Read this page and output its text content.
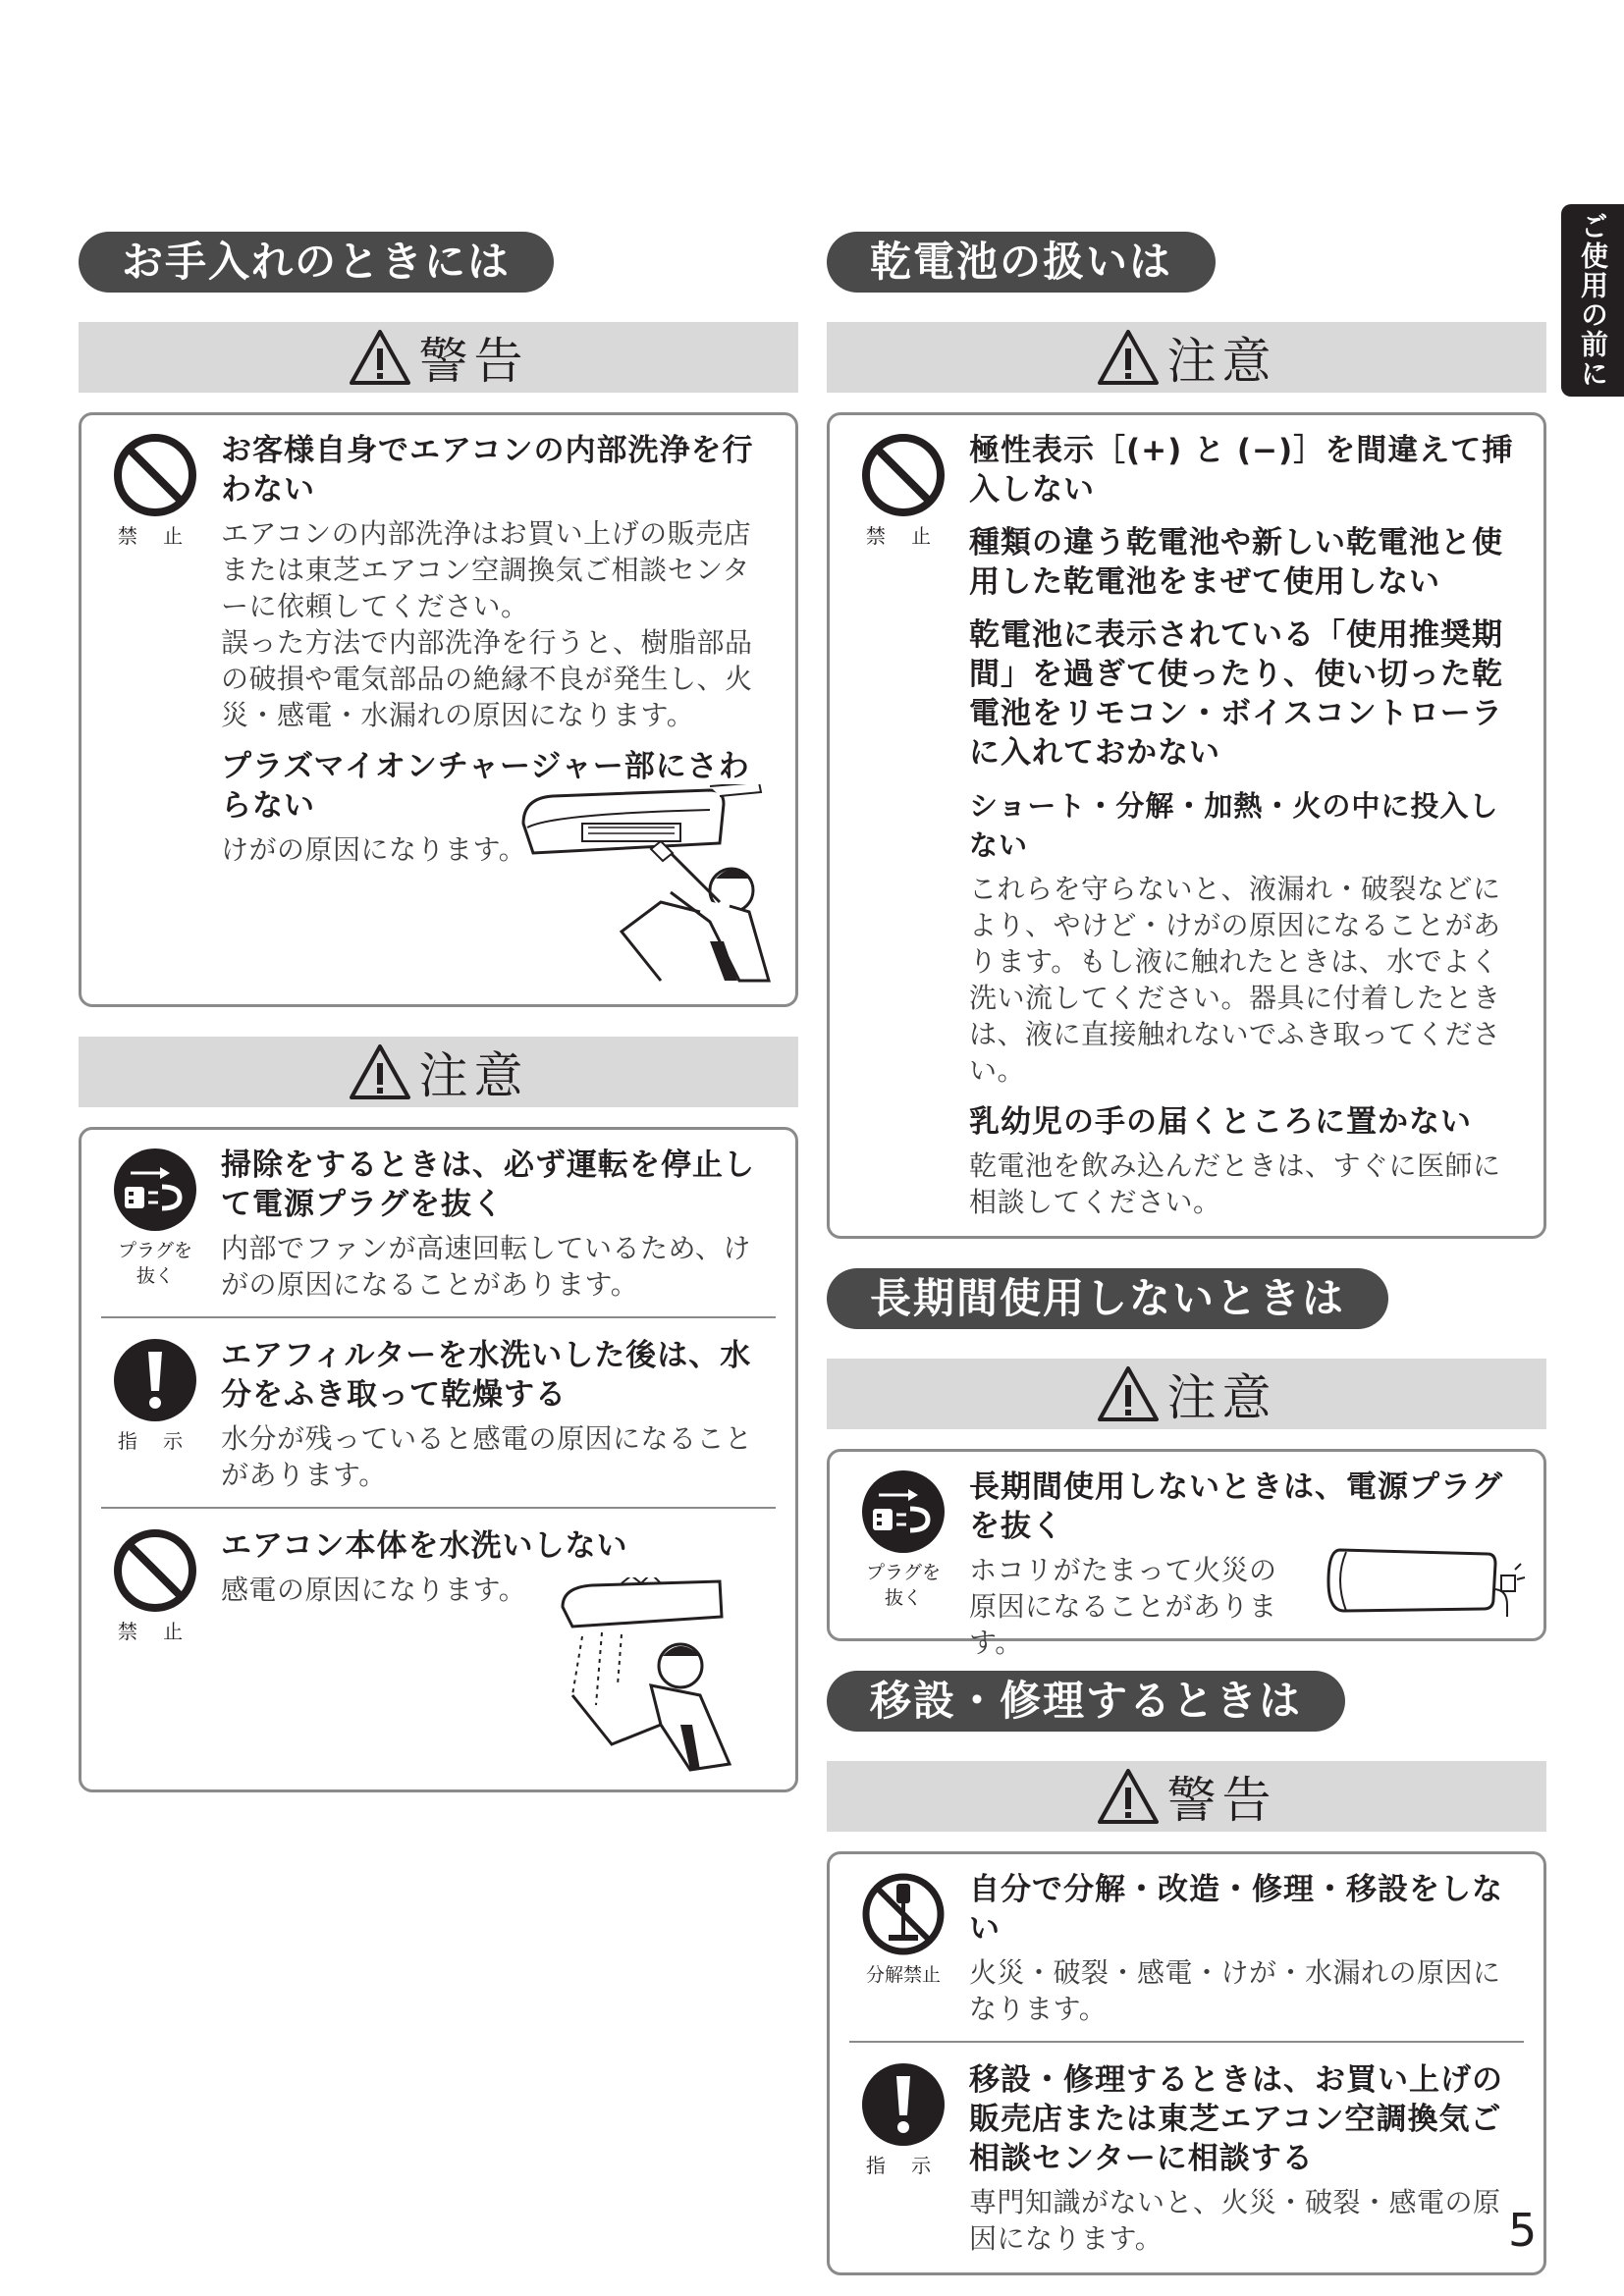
ご使用の前に
お手入れのときには
警告
禁 止
お客様自身でエアコンの内部洗浄を行わない
エアコンの内部洗浄はお買い上げの販売店または東芝エアコン空調換気ご相談センターに依頼してください。
誤った方法で内部洗浄を行うと、樹脂部品の破損や電気部品の絶縁不良が発生し、火災・感電・水漏れの原因になります。
プラズマイオンチャージャー部にさわらない
けがの原因になります。
注意
プラグを抜く
掃除をするときは、必ず運転を停止して電源プラグを抜く
内部でファンが高速回転しているため、けがの原因になることがあります。
指 示
エアフィルターを水洗いした後は、水分をふき取って乾燥する
水分が残っていると感電の原因になることがあります。
禁 止
エアコン本体を水洗いしない
感電の原因になります。
乾電池の扱いは
注意
禁 止
極性表示［(+) と (−)］を間違えて挿入しない
種類の違う乾電池や新しい乾電池と使用した乾電池をまぜて使用しない
乾電池に表示されている「使用推奨期間」を過ぎて使ったり、使い切った乾電池をリモコン・ボイスコントローラに入れておかない
ショート・分解・加熱・火の中に投入しない
これらを守らないと、液漏れ・破裂などにより、やけど・けがの原因になることがあります。もし液に触れたときは、水でよく洗い流してください。器具に付着したときは、液に直接触れないでふき取ってください。
乳幼児の手の届くところに置かない
乾電池を飲み込んだときは、すぐに医師に相談してください。
長期間使用しないときは
注意
プラグを抜く
長期間使用しないときは、電源プラグを抜く
ホコリがたまって火災の原因になることがあります。
移設・修理するときは
警告
分解禁止
自分で分解・改造・修理・移設をしない
火災・破裂・感電・けが・水漏れの原因になります。
指 示
移設・修理するときは、お買い上げの販売店または東芝エアコン空調換気ご相談センターに相談する
専門知識がないと、火災・破裂・感電の原因になります。	5
